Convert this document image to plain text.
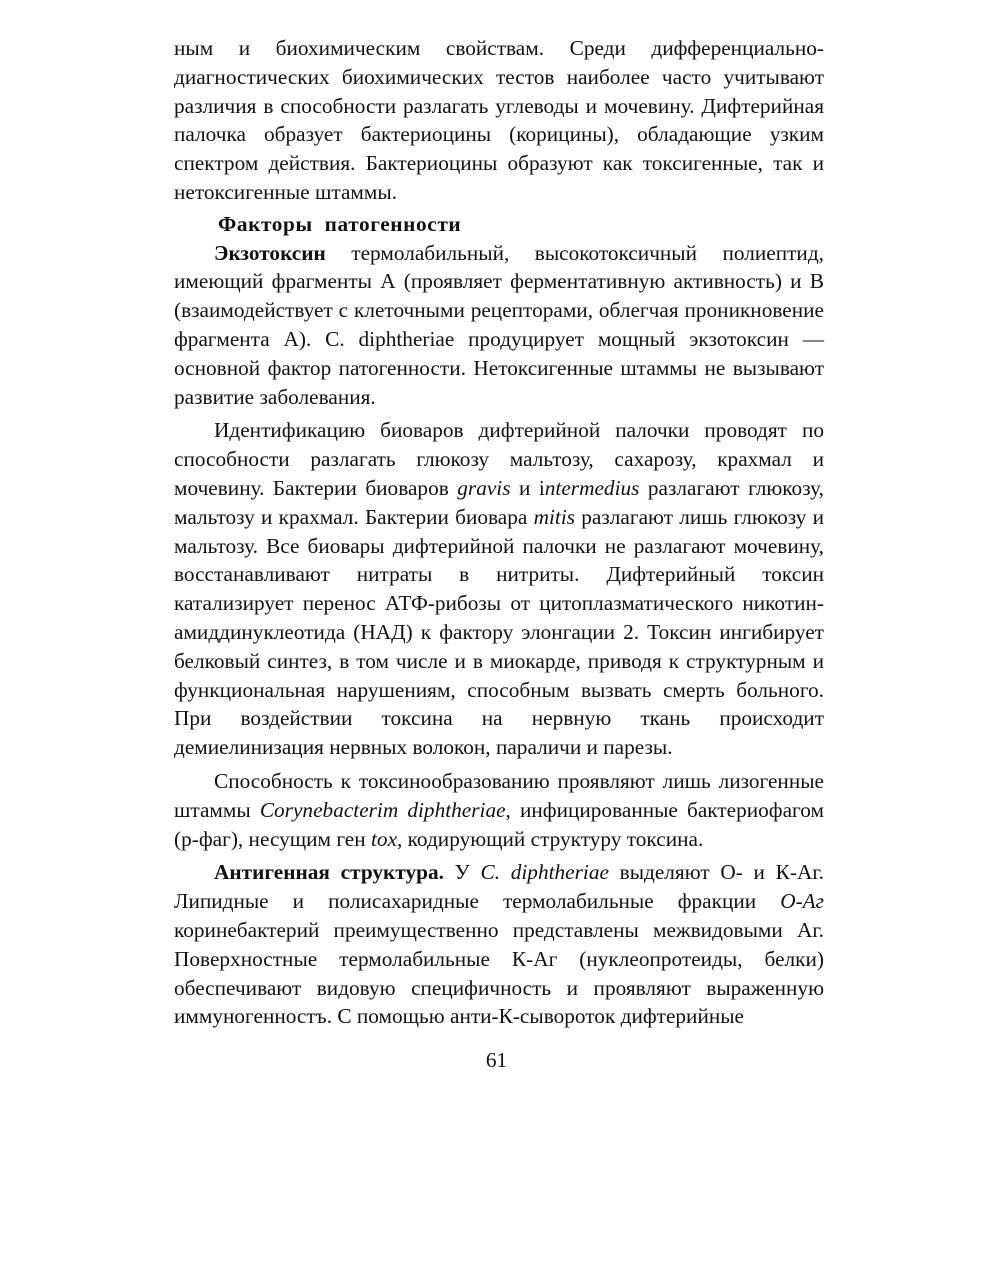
ным и биохимическим свойствам. Среди дифференциально-диагностических биохимических тестов наиболее часто учитывают различия в способности разлагать углеводы и мочевину. Дифтерийная палочка образует бактериоцины (корицины), обладающие узким спектром действия. Бактериоцины образуют как токсигенные, так и нетоксигенные штаммы.

Факторы патогенности

Экзотоксин термолабильный, высокотоксичный полиептид, имеющий фрагменты А (проявляет ферментативную активность) и В (взаимодействует с клеточными рецепторами, облегчая проникновение фрагмента А). C. diphtheriae продуцирует мощный экзотоксин — основной фактор патогенности. Нетоксигенные штаммы не вызывают развитие заболевания.

Идентификацию биоваров дифтерийной палочки проводят по способности разлагать глюкозу мальтозу, сахарозу, крахмал и мочевину. Бактерии биоваров gravis и intermedius разлагают глюкозу, мальтозу и крахмал. Бактерии биовара mitis разлагают лишь глюкозу и мальтозу. Все биовары дифтерийной палочки не разлагают мочевину, восстанавливают нитраты в нитриты. Дифтерийный токсин катализирует перенос АТФ-рибозы от цитоплазматического никотин-амиддинуклеотида (НАД) к фактору элонгации 2. Токсин ингибирует белковый синтез, в том числе и в миокарде, приводя к структурным и функциональная нарушениям, способным вызвать смерть больного. При воздействии токсина на нервную ткань происходит демиелинизация нервных волокон, параличи и парезы.

Способность к токсинообразованию проявляют лишь лизогенные штаммы Corynebacterim diphtheriae, инфицированные бактериофагом (р-фаг), несущим ген tox, кодирующий структуру токсина.

Антигенная структура. У C. diphtheriae выделяют О- и К-Аг. Липидные и полисахаридные термолабильные фракции О-Аг коринебактерий преимущественно представлены межвидовыми Аг. Поверхностные термолабильные К-Аг (нуклеопротеиды, белки) обеспечивают видовую специфичность и проявляют выраженную иммуногенностъ. С помощью анти-К-сывороток дифтерийные

61
